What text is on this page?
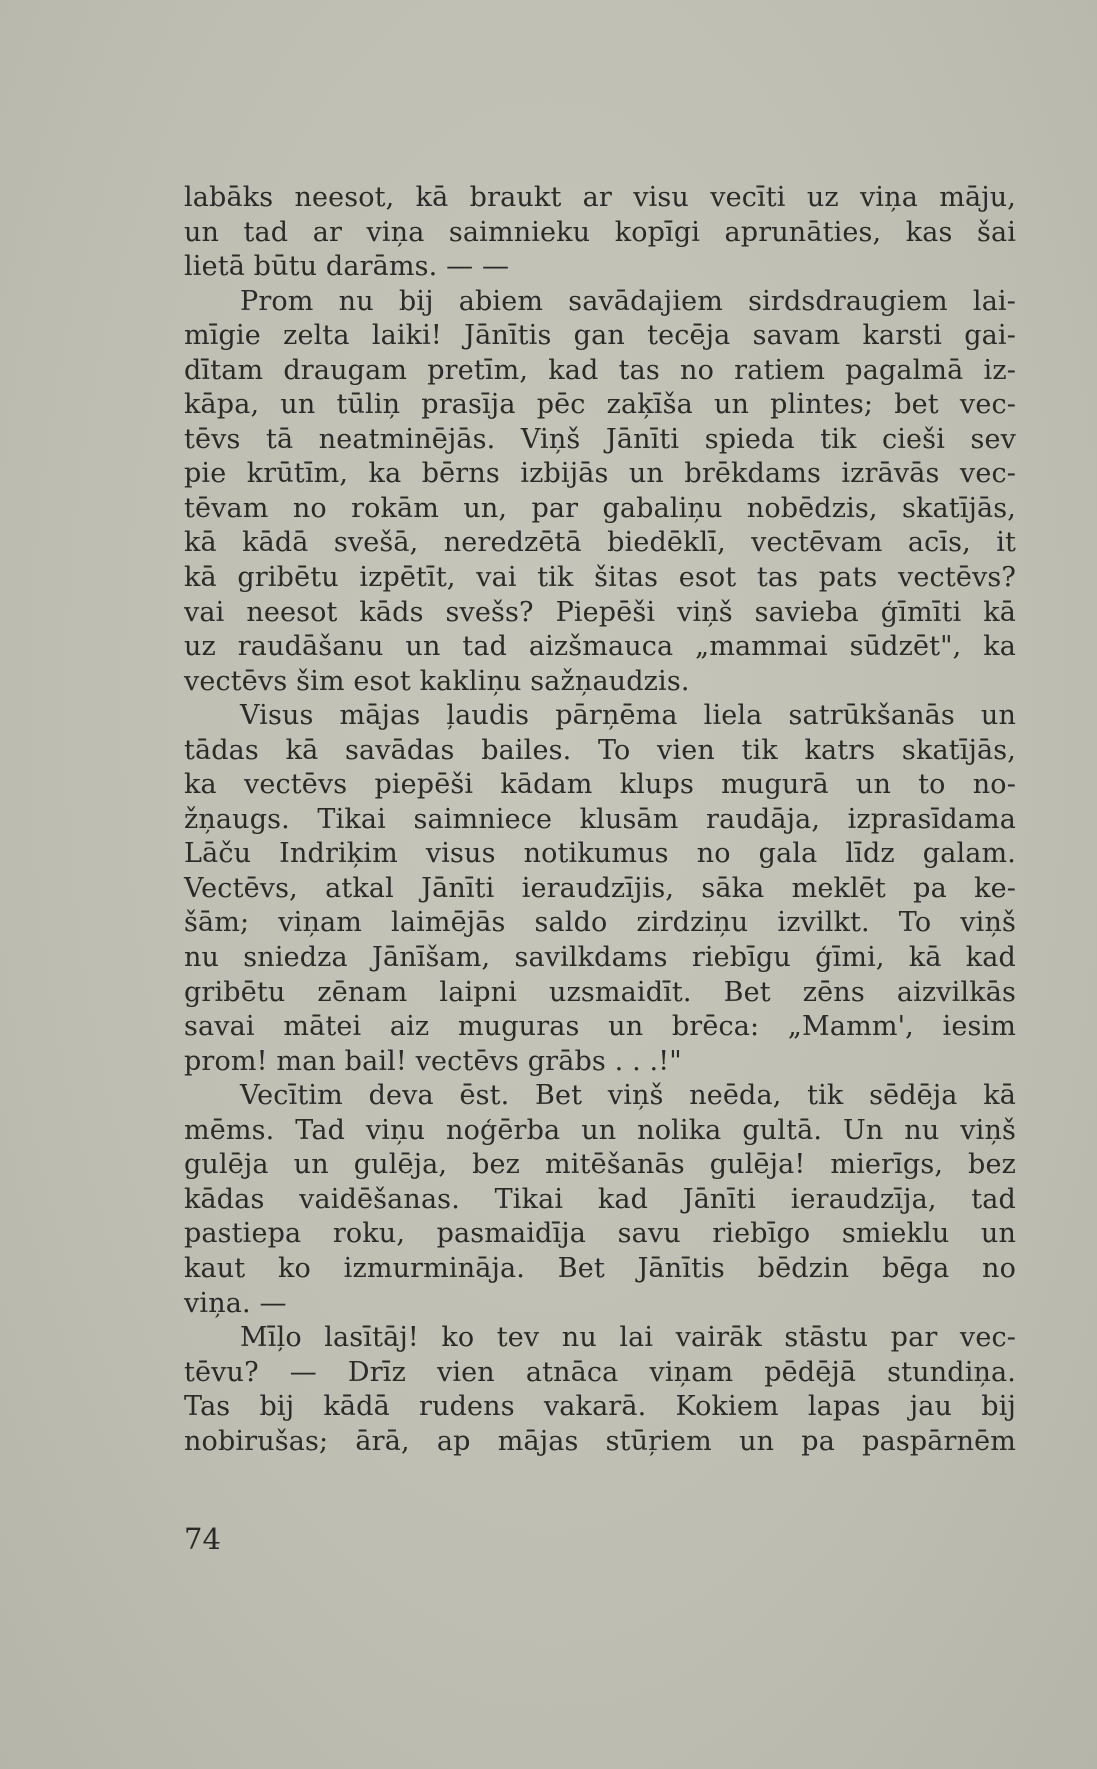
labāks neesot, kā braukt ar visu vecīti uz viņa māju,
un tad ar viņa saimnieku kopīgi aprunāties, kas šai
lietā būtu darāms. — —
Prom nu bij abiem savādajiem sirdsdraugiem lai-
mīgie zelta laiki! Jānītis gan tecēja savam karsti gai-
dītam draugam pretīm, kad tas no ratiem pagalmā iz-
kāpa, un tūliņ prasīja pēc zaķīša un plintes; bet vec-
tēvs tā neatminējās. Viņš Jānīti spieda tik cieši sev
pie krūtīm, ka bērns izbijās un brēkdams izrāvās vec-
tēvam no rokām un, par gabaliņu nobēdzis, skatījās,
kā kādā svešā, neredzētā biedēklī, vectēvam acīs, it
kā gribētu izpētīt, vai tik šitas esot tas pats vectēvs?
vai neesot kāds svešs? Piepēši viņš savieba ģīmīti kā
uz raudāšanu un tad aizšmauca „mammai sūdzēt", ka
vectēvs šim esot kakliņu sažņaudzis.
Visus mājas ļaudis pārņēma liela satrūkšanās un
tādas kā savādas bailes. To vien tik katrs skatījās,
ka vectēvs piepēši kādam klups mugurā un to no-
žņaugs. Tikai saimniece klusām raudāja, izprasīdama
Lāču Indriķim visus notikumus no gala līdz galam.
Vectēvs, atkal Jānīti ieraudzījis, sāka meklēt pa ke-
šām; viņam laimējās saldo zirdziņu izvilkt. To viņš
nu sniedza Jānīšam, savilkdams riebīgu ģīmi, kā kad
gribētu zēnam laipni uzsmaidīt. Bet zēns aizvilkās
savai mātei aiz muguras un brēca: „Mamm', iesim
prom! man bail! vectēvs grābs . . .!"
Vecītim deva ēst. Bet viņš neēda, tik sēdēja kā
mēms. Tad viņu noģērba un nolika gultā. Un nu viņš
gulēja un gulēja, bez mitēšanās gulēja! mierīgs, bez
kādas vaidēšanas. Tikai kad Jānīti ieraudzīja, tad
pastiepa roku, pasmaidīja savu riebīgo smieklu un
kaut ko izmurmināja. Bet Jānītis bēdzin bēga no
viņa. —
Mīļo lasītāj! ko tev nu lai vairāk stāstu par vec-
tēvu? — Drīz vien atnāca viņam pēdējā stundiņa.
Tas bij kādā rudens vakarā. Kokiem lapas jau bij
nobirušas; ārā, ap mājas stūŗiem un pa paspārnēm
74
